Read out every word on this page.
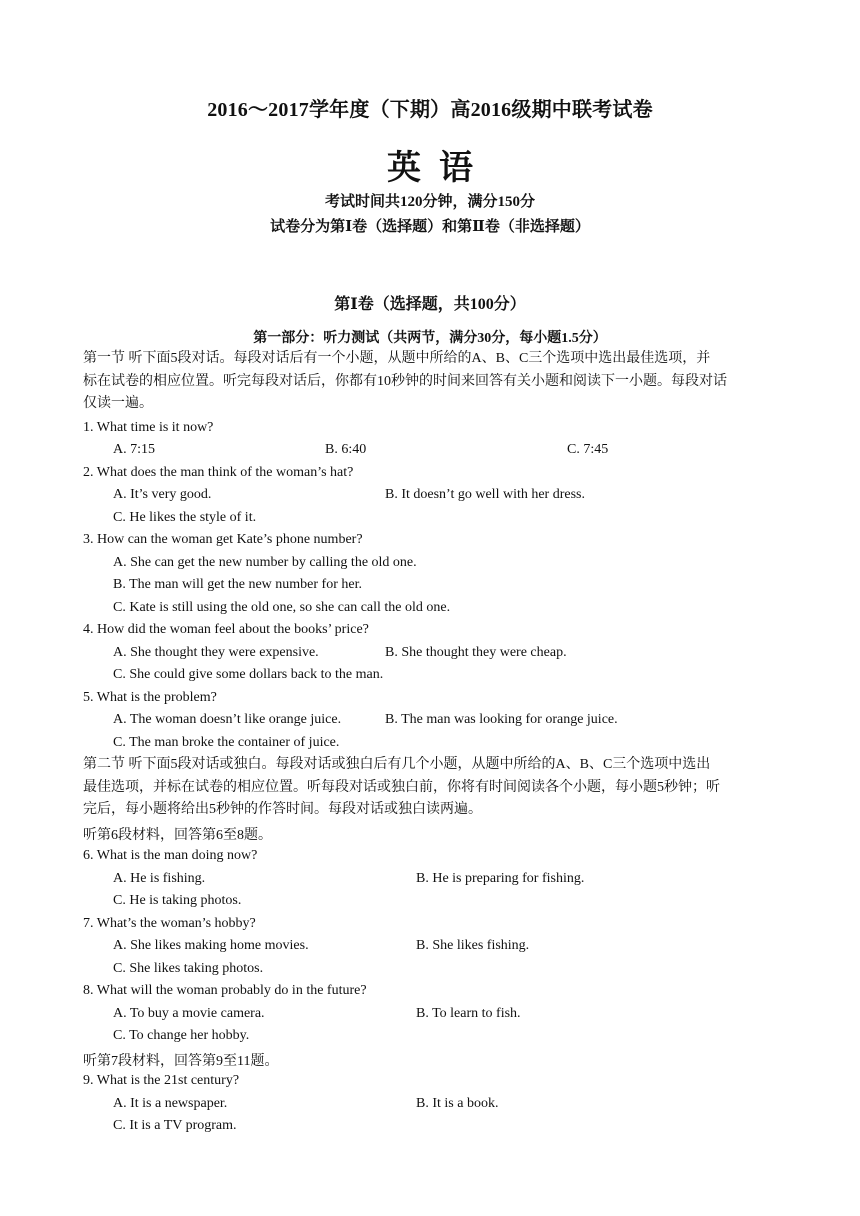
2016～2017学年度（下期）高2016级期中联考试卷
英语
考试时间共120分钟，满分150分
试卷分为第Ⅰ卷（选择题）和第Ⅱ卷（非选择题）
第Ⅰ卷（选择题，共100分）
第一部分：听力测试（共两节，满分30分，每小题1.5分）
第一节 听下面5段对话。每段对话后有一个小题，从题中所给的A、B、C三个选项中选出最佳选项，并
标在试卷的相应位置。听完每段对话后，你都有10秒钟的时间来回答有关小题和阅读下一小题。每段对话
仅读一遍。
1. What time is it now?
A. 7:15	B. 6:40	C. 7:45
2. What does the man think of the woman’s hat?
A. It’s very good.	B. It doesn’t go well with her dress.
C. He likes the style of it.
3. How can the woman get Kate’s phone number?
A. She can get the new number by calling the old one.
B. The man will get the new number for her.
C. Kate is still using the old one, so she can call the old one.
4. How did the woman feel about the books’ price?
A. She thought they were expensive.	B. She thought they were cheap.
C. She could give some dollars back to the man.
5. What is the problem?
A. The woman doesn’t like orange juice.	B. The man was looking for orange juice.
C. The man broke the container of juice.
第二节 听下面5段对话或独白。每段对话或独白后有几个小题，从题中所给的A、B、C三个选项中选出
最佳选项，并标在试卷的相应位置。听每段对话或独白前，你将有时间阅读各个小题，每小题5秒钟；听
完后，每小题将给出5秒钟的作答时间。每段对话或独白读两遍。
听第6段材料，回答第6至8题。
6. What is the man doing now?
A. He is fishing.	B. He is preparing for fishing.
C. He is taking photos.
7. What’s the woman’s hobby?
A. She likes making home movies.	B. She likes fishing.
C. She likes taking photos.
8. What will the woman probably do in the future?
A. To buy a movie camera.	B. To learn to fish.
C. To change her hobby.
听第7段材料，回答第9至11题。
9. What is the 21st century?
A. It is a newspaper.	B. It is a book.
C. It is a TV program.
